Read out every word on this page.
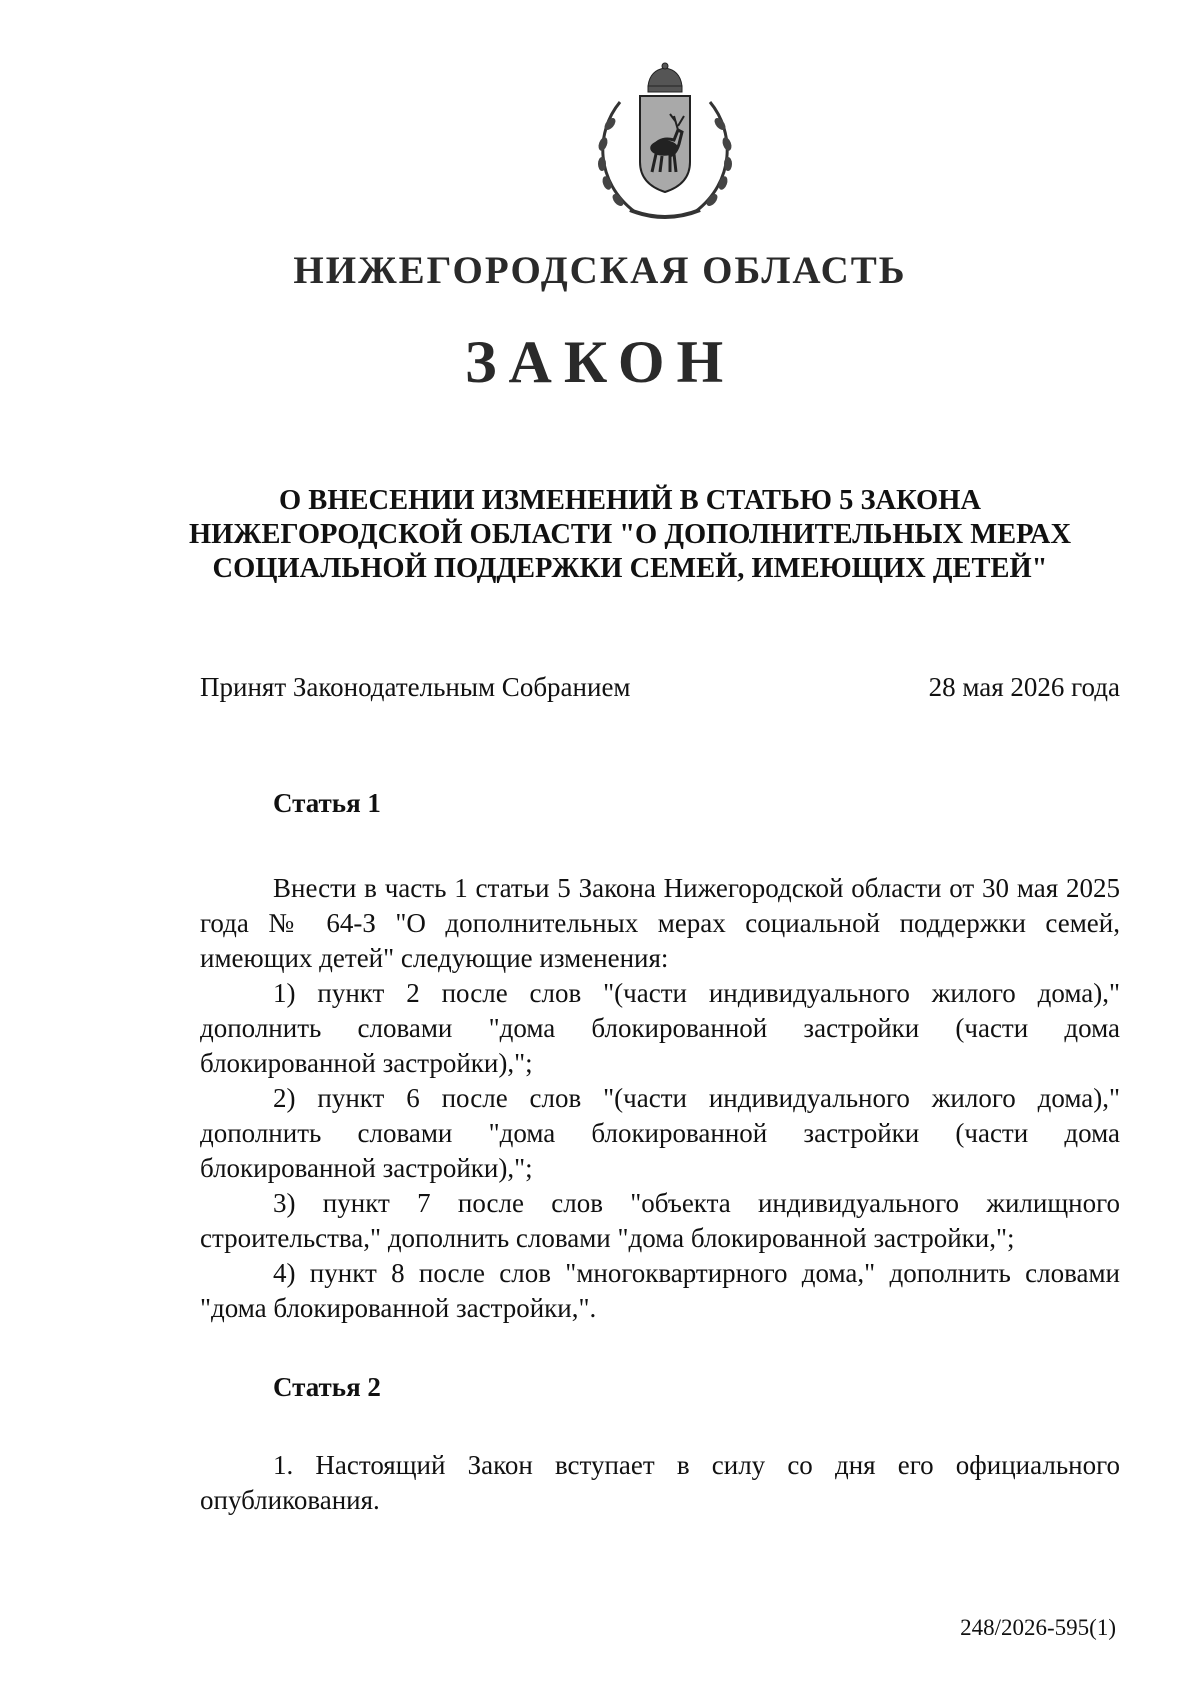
НИЖЕГОРОДСКАЯ ОБЛАСТЬ
ЗАКОН
О ВНЕСЕНИИ ИЗМЕНЕНИЙ В СТАТЬЮ 5 ЗАКОНА
НИЖЕГОРОДСКОЙ ОБЛАСТИ "О ДОПОЛНИТЕЛЬНЫХ МЕРАХ
СОЦИАЛЬНОЙ ПОДДЕРЖКИ СЕМЕЙ, ИМЕЮЩИХ ДЕТЕЙ"
Принят Законодательным Собранием	28 мая 2026 года
Статья 1

Внести в часть 1 статьи 5 Закона Нижегородской области от 30 мая 2025 года № 64-З "О дополнительных мерах социальной поддержки семей, имеющих детей" следующие изменения:

1) пункт 2 после слов "(части индивидуального жилого дома)," дополнить словами "дома блокированной застройки (части дома блокированной застройки),";

2) пункт 6 после слов "(части индивидуального жилого дома)," дополнить словами "дома блокированной застройки (части дома блокированной застройки),";

3) пункт 7 после слов "объекта индивидуального жилищного строительства," дополнить словами "дома блокированной застройки,";

4) пункт 8 после слов "многоквартирного дома," дополнить словами "дома блокированной застройки,".

Статья 2

1. Настоящий Закон вступает в силу со дня его официального опубликования.

248/2026-595(1)
